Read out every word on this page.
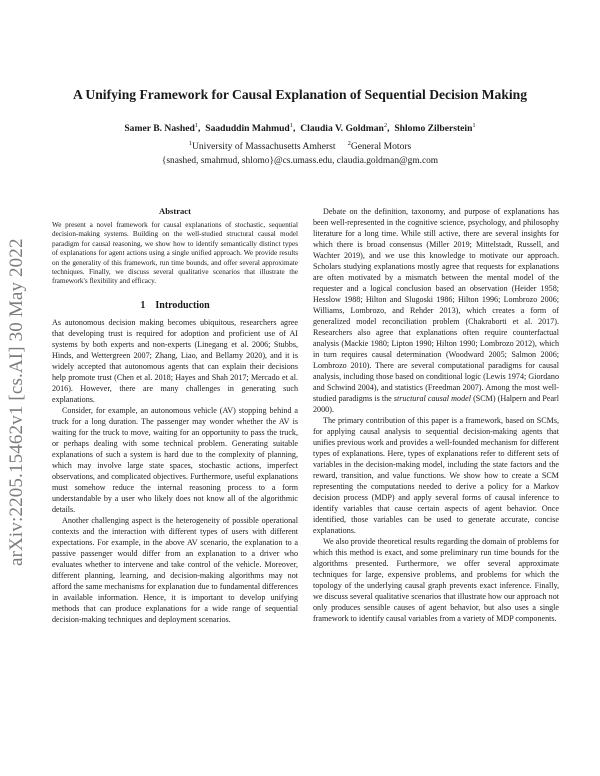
arXiv:2205.15462v1 [cs.AI] 30 May 2022
A Unifying Framework for Causal Explanation of Sequential Decision Making

Samer B. Nashed$^1$,  Saaduddin Mahmud$^1$,  Claudia V. Goldman$^2$,  Shlomo Zilberstein$^1$

$^1$University of Massachusetts Amherst $^2$General Motors

{snashed, smahmud, shlomo}@cs.umass.edu, claudia.goldman@gm.com

Abstract

We present a novel framework for causal explanations of stochastic, sequential decision-making systems. Building on the well-studied structural causal model paradigm for causal reasoning, we show how to identify semantically distinct types of explanations for agent actions using a single unified approach. We provide results on the generality of this framework, run time bounds, and offer several approximate techniques. Finally, we discuss several qualitative scenarios that illustrate the framework's flexibility and efficacy.

1 Introduction

As autonomous decision making becomes ubiquitous, researchers agree that developing trust is required for adoption and proficient use of AI systems by both experts and non-experts (Linegang et al. 2006; Stubbs, Hinds, and Wettergreen 2007; Zhang, Liao, and Bellamy 2020), and it is widely accepted that autonomous agents that can explain their decisions help promote trust (Chen et al. 2018; Hayes and Shah 2017; Mercado et al. 2016). However, there are many challenges in generating such explanations.

Consider, for example, an autonomous vehicle (AV) stopping behind a truck for a long duration. The passenger may wonder whether the AV is waiting for the truck to move, waiting for an opportunity to pass the truck, or perhaps dealing with some technical problem. Generating suitable explanations of such a system is hard due to the complexity of planning, which may involve large state spaces, stochastic actions, imperfect observations, and complicated objectives. Furthermore, useful explanations must somehow reduce the internal reasoning process to a form understandable by a user who likely does not know all of the algorithmic details.

Another challenging aspect is the heterogeneity of possible operational contexts and the interaction with different types of users with different expectations. For example, in the above AV scenario, the explanation to a passive passenger would differ from an explanation to a driver who evaluates whether to intervene and take control of the vehicle. Moreover, different planning, learning, and decision-making algorithms may not afford the same mechanisms for explanation due to fundamental differences in available information. Hence, it is important to develop unifying methods that can produce explanations for a wide range of sequential decision-making techniques and deployment scenarios.

Debate on the definition, taxonomy, and purpose of explanations has been well-represented in the cognitive science, psychology, and philosophy literature for a long time. While still active, there are several insights for which there is broad consensus (Miller 2019; Mittelstadt, Russell, and Wachter 2019), and we use this knowledge to motivate our approach. Scholars studying explanations mostly agree that requests for explanations are often motivated by a mismatch between the mental model of the requester and a logical conclusion based an observation (Heider 1958; Hesslow 1988; Hilton and Slugoski 1986; Hilton 1996; Lombrozo 2006; Williams, Lombrozo, and Rehder 2013), which creates a form of generalized model reconciliation problem (Chakraborti et al. 2017). Researchers also agree that explanations often require counterfactual analysis (Mackie 1980; Lipton 1990; Hilton 1990; Lombrozo 2012), which in turn requires causal determination (Woodward 2005; Salmon 2006; Lombrozo 2010). There are several computational paradigms for causal analysis, including those based on conditional logic (Lewis 1974; Giordano and Schwind 2004), and statistics (Freedman 2007). Among the most well-studied paradigms is the structural causal model (SCM) (Halpern and Pearl 2000).

The primary contribution of this paper is a framework, based on SCMs, for applying causal analysis to sequential decision-making agents that unifies previous work and provides a well-founded mechanism for different types of explanations. Here, types of explanations refer to different sets of variables in the decision-making model, including the state factors and the reward, transition, and value functions. We show how to create a SCM representing the computations needed to derive a policy for a Markov decision process (MDP) and apply several forms of causal inference to identify variables that cause certain aspects of agent behavior. Once identified, those variables can be used to generate accurate, concise explanations.

We also provide theoretical results regarding the domain of problems for which this method is exact, and some preliminary run time bounds for the algorithms presented. Furthermore, we offer several approximate techniques for large, expensive problems, and problems for which the topology of the underlying causal graph prevents exact inference. Finally, we discuss several qualitative scenarios that illustrate how our approach not only produces sensible causes of agent behavior, but also uses a single framework to identify causal variables from a variety of MDP components.
